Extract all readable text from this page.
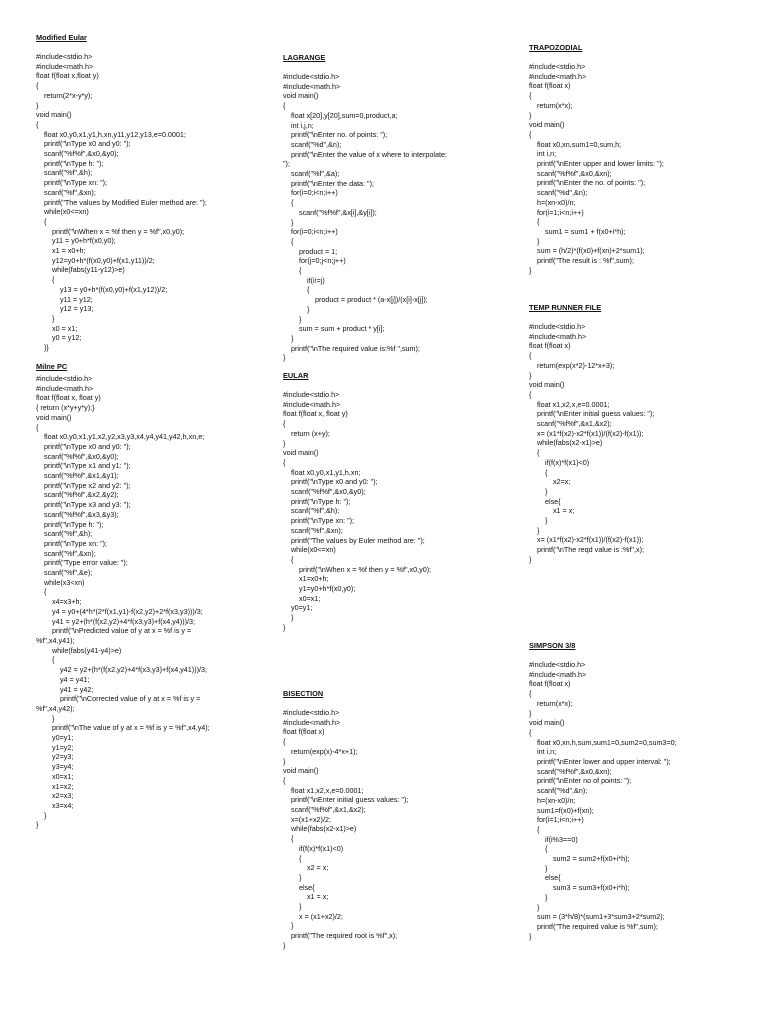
Modified Eular
#include<stdio.h>
#include<math.h>
float f(float x,float y)
{
return(2*x-y*y);
}
void main()
{
float x0,y0,x1,y1,h,xn,y11,y12,y13,e=0.0001;
printf("\nType x0 and y0: ");
scanf("%f%f",&x0,&y0);
printf("\nType h: ");
scanf("%f",&h);
printf("\nType xn: ");
scanf("%f",&xn);
printf("The values by Modified Euler method are: ");
while(x0<=xn)
{
printf("\nWhen x = %f then y = %f",x0,y0);
y11 = y0+h*f(x0,y0);
x1 = x0+h;
y12=y0+h*(f(x0,y0)+f(x1,y11))/2;
while(fabs(y11-y12)>e)
{
y13 = y0+h*(f(x0,y0)+f(x1,y12))/2;
y11 = y12;
y12 = y13;
}
x0 = x1;
y0 = y12;
}}
Milne PC
#include<stdio.h>
#include<math.h>
float f(float x, float y)
{ return (x*y+y*y);}
void main()
{
float x0,y0,x1,y1,x2,y2,x3,y3,x4,y4,y41,y42,h,xn,e;
printf("\nType x0 and y0: ");
scanf("%f%f",&x0,&y0);
printf("\nType x1 and y1: ");
scanf("%f%f",&x1,&y1);
printf("\nType x2 and y2: ");
scanf("%f%f",&x2,&y2);
printf("\nType x3 and y3: ");
scanf("%f%f",&x3,&y3);
printf("\nType h: ");
scanf("%f",&h);
printf("\nType xn: ");
scanf("%f",&xn);
printf("Type error value: ");
scanf("%f",&e);
while(x3<xn)
{
x4=x3+h;
y4 = y0+(4*h*(2*f(x1,y1)-f(x2,y2)+2*f(x3,y3)))/3;
y41 = y2+(h*(f(x2,y2)+4*f(x3,y3)+f(x4,y4)))/3;
printf("\nPredicted value of y at x = %f is y =
%f",x4,y41);
while(fabs(y41-y4)>e)
{
y42 = y2+(h*(f(x2,y2)+4*f(x3,y3)+f(x4,y41)))/3;
y4 = y41;
y41 = y42;
printf("\nCorrected value of y at x = %f is y =
%f",x4,y42);
}
printf("\nThe value of y at x = %f is y = %f",x4,y4);
y0=y1;
y1=y2;
y2=y3;
y3=y4;
x0=x1;
x1=x2;
x2=x3;
x3=x4;
}
}
LAGRANGE
#include<stdio.h>
#include<math.h>
void main()
{
float x[20],y[20],sum=0,product,a;
int i,j,n;
printf("\nEnter no. of points: ");
scanf("%d",&n);
printf("\nEnter the value of x where to interpolate:
");
scanf("%f",&a);
printf("\nEnter the data: ");
for(i=0;i<n;i++)
{
scanf("%f%f",&x[i],&y[i]);
}
for(i=0;i<n;i++)
{
product = 1;
for(j=0;j<n;j++)
{
if(i!=j)
{
product = product * (a-x[j])/(x[i]-x[j]);
}
}
sum = sum + product * y[i];
}
printf("\nThe required value is:%f ",sum);
}
EULAR
#include<stdio.h>
#include<math.h>
float f(float x, float y)
{
return (x+y);
}
void main()
{
float x0,y0,x1,y1,h,xn;
printf("\nType x0 and y0: ");
scanf("%f%f",&x0,&y0);
printf("\nType h: ");
scanf("%f",&h);
printf("\nType xn: ");
scanf("%f",&xn);
printf("The values by Euler method are: ");
while(x0<=xn)
{
printf("\nWhen x = %f then y = %f",x0,y0);
x1=x0+h;
y1=y0+h*f(x0,y0);
x0=x1;
y0=y1;
}
}
BISECTION
#include<stdio.h>
#include<math.h>
float f(float x)
{
return(exp(x)-4*x+1);
}
void main()
{
float x1,x2,x,e=0.0001;
printf("\nEnter initial guess values: ");
scanf("%f%f",&x1,&x2);
x=(x1+x2)/2;
while(fabs(x2-x1)>e)
{
if(f(x)*f(x1)<0)
{
x2 = x;
}
else{
x1 = x;
}
x = (x1+x2)/2;
}
printf("The required root is %f",x);
}
TRAPOZODIAL
#include<stdio.h>
#include<math.h>
float f(float x)
{
return(x*x);
}
void main()
{
float x0,xn,sum1=0,sum,h;
int i,n;
printf("\nEnter upper and lower limits: ");
scanf("%f%f",&x0,&xn);
printf("\nEnter the no. of points: ");
scanf("%d",&n);
h=(xn-x0)/n;
for(i=1;i<n;i++)
{
sum1 = sum1 + f(x0+i*h);
}
sum = (h/2)*(f(x0)+f(xn)+2*sum1);
printf("The result is : %f",sum);
}
TEMP RUNNER FILE
#include<stdio.h>
#include<math.h>
float f(float x)
{
return(exp(x*2)-12*x+3);
}
void main()
{
float x1,x2,x,e=0.0001;
printf("\nEnter initial guess values: ");
scanf("%f%f",&x1,&x2);
x= (x1*f(x2)-x2*f(x1))/(f(x2)-f(x1));
while(fabs(x2-x1)>e)
{
if(f(x)*f(x1)<0)
{
x2=x;
}
else{
x1 = x;
}
}
x= (x1*f(x2)-x2*f(x1))/(f(x2)-f(x1));
printf("\nThe reqd value is :%f",x);
}
SIMPSON 3/8
#include<stdio.h>
#include<math.h>
float f(float x)
{
return(x*x);
}
void main()
{
float x0,xn,h,sum,sum1=0,sum2=0,sum3=0;
int i,n;
printf("\nEnter lower and upper interval: ");
scanf("%f%f",&x0,&xn);
printf("\nEnter no of points: ");
scanf("%d",&n);
h=(xn-x0)/n;
sum1=f(x0)+f(xn);
for(i=1;i<n;i++)
{
if(i%3==0)
{
sum2 = sum2+f(x0+i*h);
}
else{
sum3 = sum3+f(x0+i*h);
}
}
sum = (3*h/8)*(sum1+3*sum3+2*sum2);
printf("The required value is %f",sum);
}
